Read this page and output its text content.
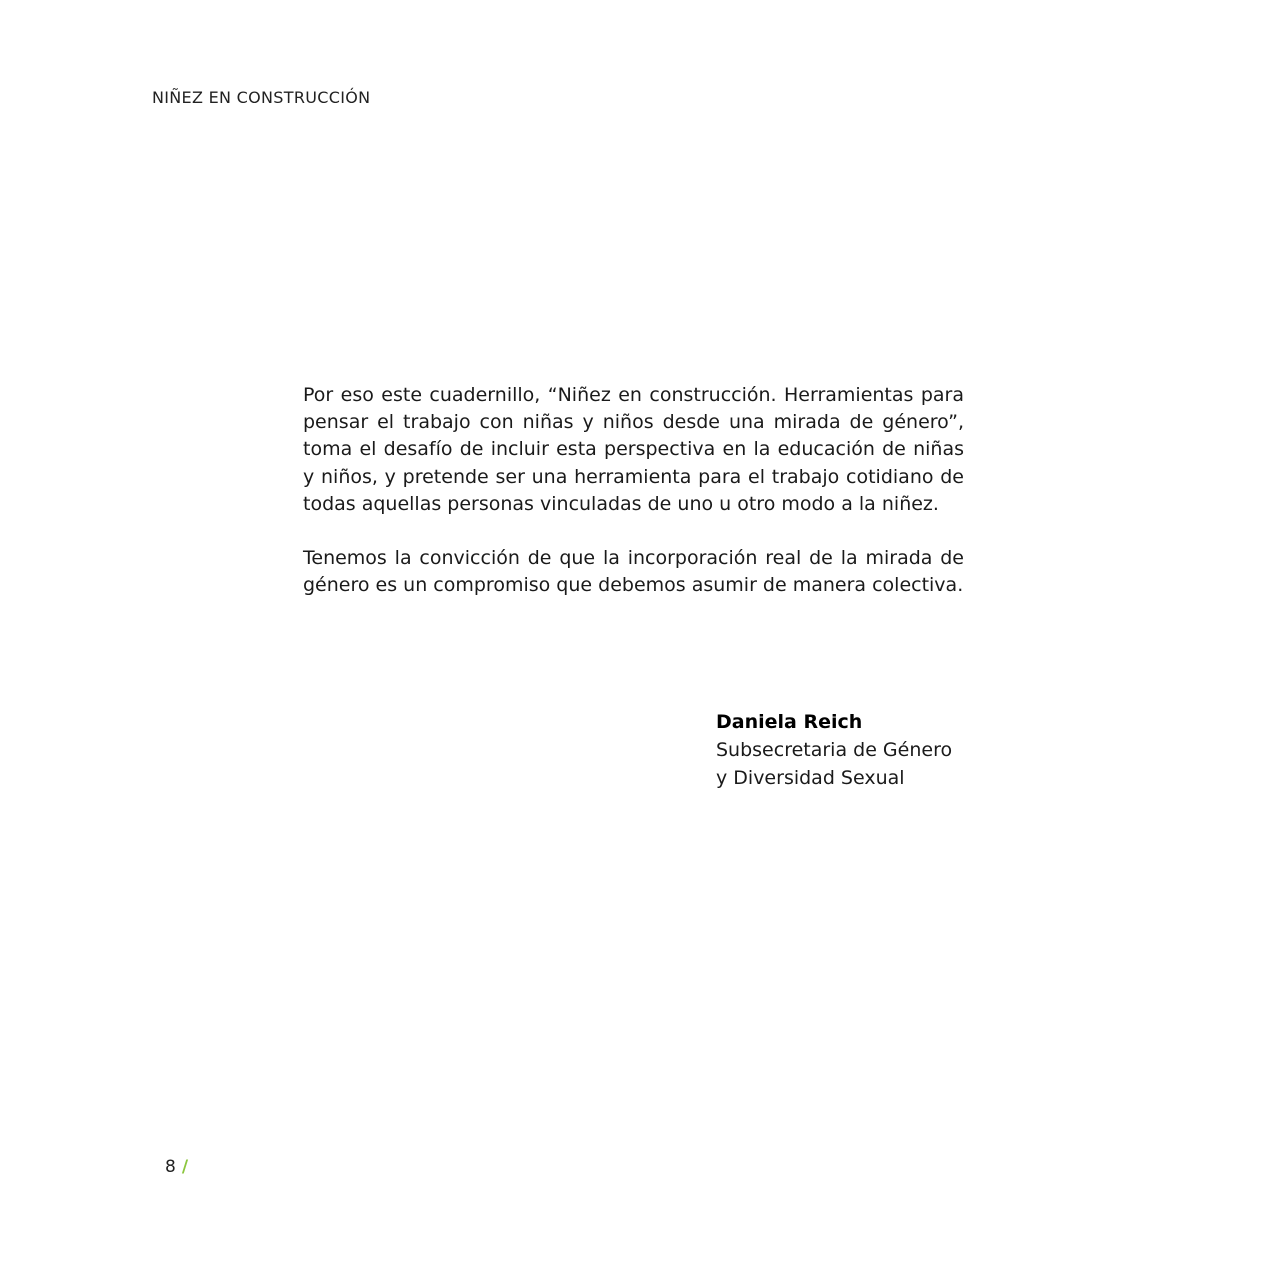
NIÑEZ EN CONSTRUCCIÓN

Por eso este cuadernillo, “Niñez en construcción. Herramientas para pensar el trabajo con niñas y niños desde una mirada de género”, toma el desafío de incluir esta perspectiva en la educación de niñas y niños, y pretende ser una herramienta para el trabajo cotidiano de todas aquellas personas vinculadas de uno u otro modo a la niñez.

Tenemos la convicción de que la incorporación real de la mirada de género es un compromiso que debemos asumir de manera colectiva.

Daniela Reich
Subsecretaria de Género
y Diversidad Sexual
8 /
